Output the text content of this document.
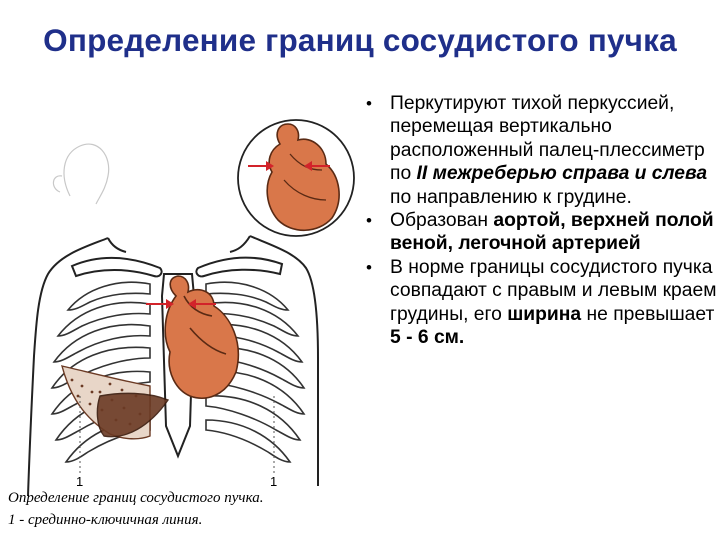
Определение границ сосудистого пучка
1	1
Определение границ сосудистого пучка.
1 - срединно-ключичная линия.
• Перкутируют тихой перкуссией, перемещая вертикально расположенный палец-плессиметр по II межреберью справа и слева по направлению к грудине.
• Образован аортой, верхней полой веной, легочной артерией
• В норме границы сосудистого пучка совпадают с правым и левым краем грудины, его ширина не превышает 5 - 6 см.
